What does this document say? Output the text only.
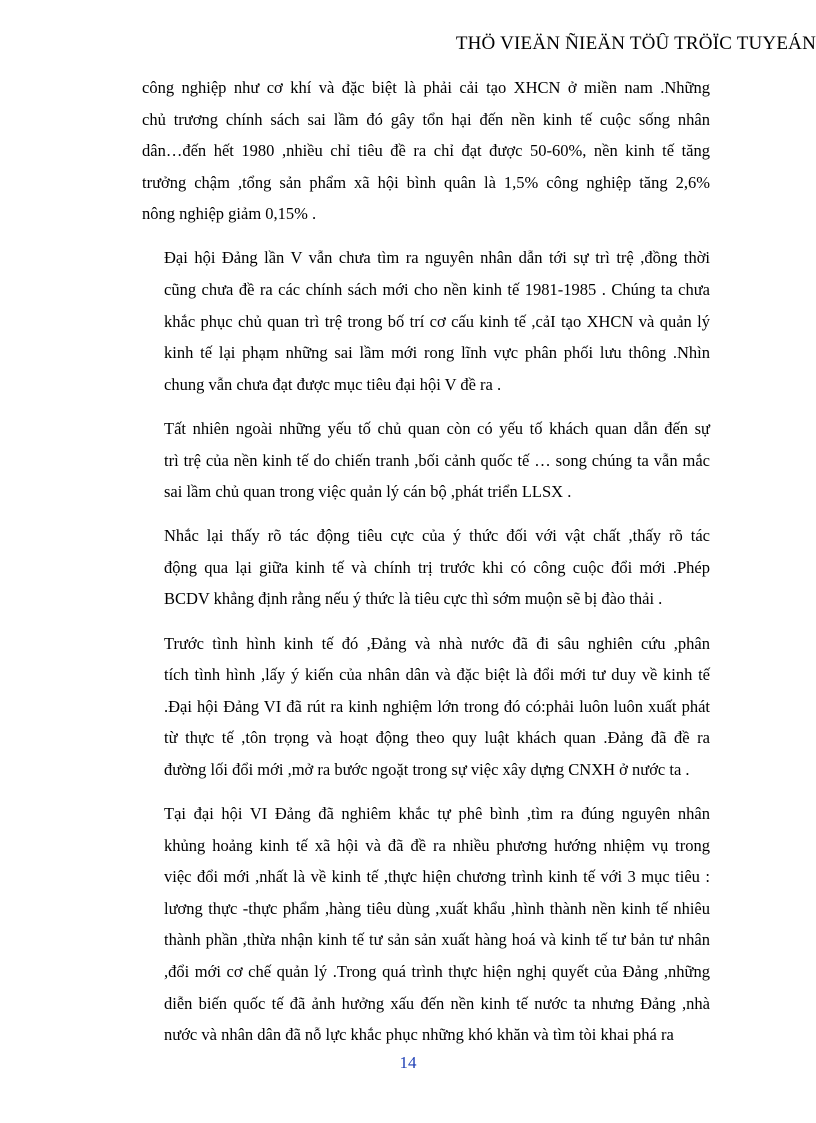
THÖ VIEÄN ÑIEÄN TÖÛ TRÖÏC TUYEÁN

công nghiệp như cơ khí và đặc biệt là phải cải tạo XHCN ở miền nam .Những
chủ trương chính sách sai lầm đó gây tổn hại đến nền kinh tế cuộc sống nhân
dân…đến hết 1980 ,nhiều chỉ tiêu đề ra chỉ đạt được 50-60%, nền kinh tế tăng
trưởng chậm ,tổng sản phẩm xã hội bình quân là 1,5% công nghiệp tăng 2,6%
nông nghiệp giảm 0,15% .

Đại hội Đảng lần V vẫn chưa tìm ra nguyên nhân dẫn tới sự trì trệ ,đồng thời
cũng chưa đề ra các chính sách mới cho nền kinh tế 1981-1985 . Chúng ta chưa
khắc phục chủ quan trì trệ trong bố trí cơ cấu kinh tế ,cảI tạo XHCN và quản lý
kinh tế lại phạm những sai lầm mới rong lĩnh vực phân phối lưu thông .Nhìn
chung vẫn chưa đạt được mục tiêu đại hội V đề ra .

Tất nhiên ngoài những yếu tố chủ quan còn có yếu tố khách quan dẫn đến sự
trì trệ của nền kinh tế do chiến tranh ,bối cảnh quốc tế … song chúng ta vẫn mắc
sai lầm chủ quan trong việc quản lý cán bộ ,phát triển LLSX .

Nhắc lại thấy rõ tác động tiêu cực của ý thức đối với vật chất ,thấy rõ tác
động qua lại giữa kinh tế và chính trị trước khi có công cuộc đổi mới .Phép
BCDV khẳng định rằng nếu ý thức là tiêu cực thì sớm muộn sẽ bị đào thải .

Trước tình hình kinh tế đó ,Đảng và nhà nước đã đi sâu nghiên cứu ,phân
tích tình hình ,lấy ý kiến của nhân dân và đặc biệt là đổi mới tư duy về kinh tế
.Đại hội Đảng VI đã rút ra kinh nghiệm lớn trong đó có:phải luôn luôn xuất phát
từ thực tế ,tôn trọng và hoạt động theo quy luật khách quan .Đảng đã đề ra
đường lối đổi mới ,mở ra bước ngoặt trong sự việc xây dựng CNXH ở nước ta .

Tại đại hội VI Đảng đã nghiêm khắc tự phê bình ,tìm ra đúng nguyên nhân
khủng hoảng kinh tế xã hội và đã đề ra nhiều phương hướng nhiệm vụ trong
việc đổi mới ,nhất là về kinh tế ,thực hiện chương trình kinh tế với 3 mục tiêu :
lương thực -thực phẩm ,hàng tiêu dùng ,xuất khẩu ,hình thành nền kinh tế nhiêu
thành phần ,thừa nhận kinh tế tư sản sản xuất hàng hoá và kinh tế tư bản tư nhân
,đổi mới cơ chế quản lý .Trong quá trình thực hiện nghị quyết của Đảng ,những
diễn biến quốc tế đã ảnh hưởng xấu đến nền kinh tế nước ta nhưng Đảng ,nhà
nước và nhân dân đã nỗ lực khắc phục những khó khăn và tìm tòi khai phá ra

14
